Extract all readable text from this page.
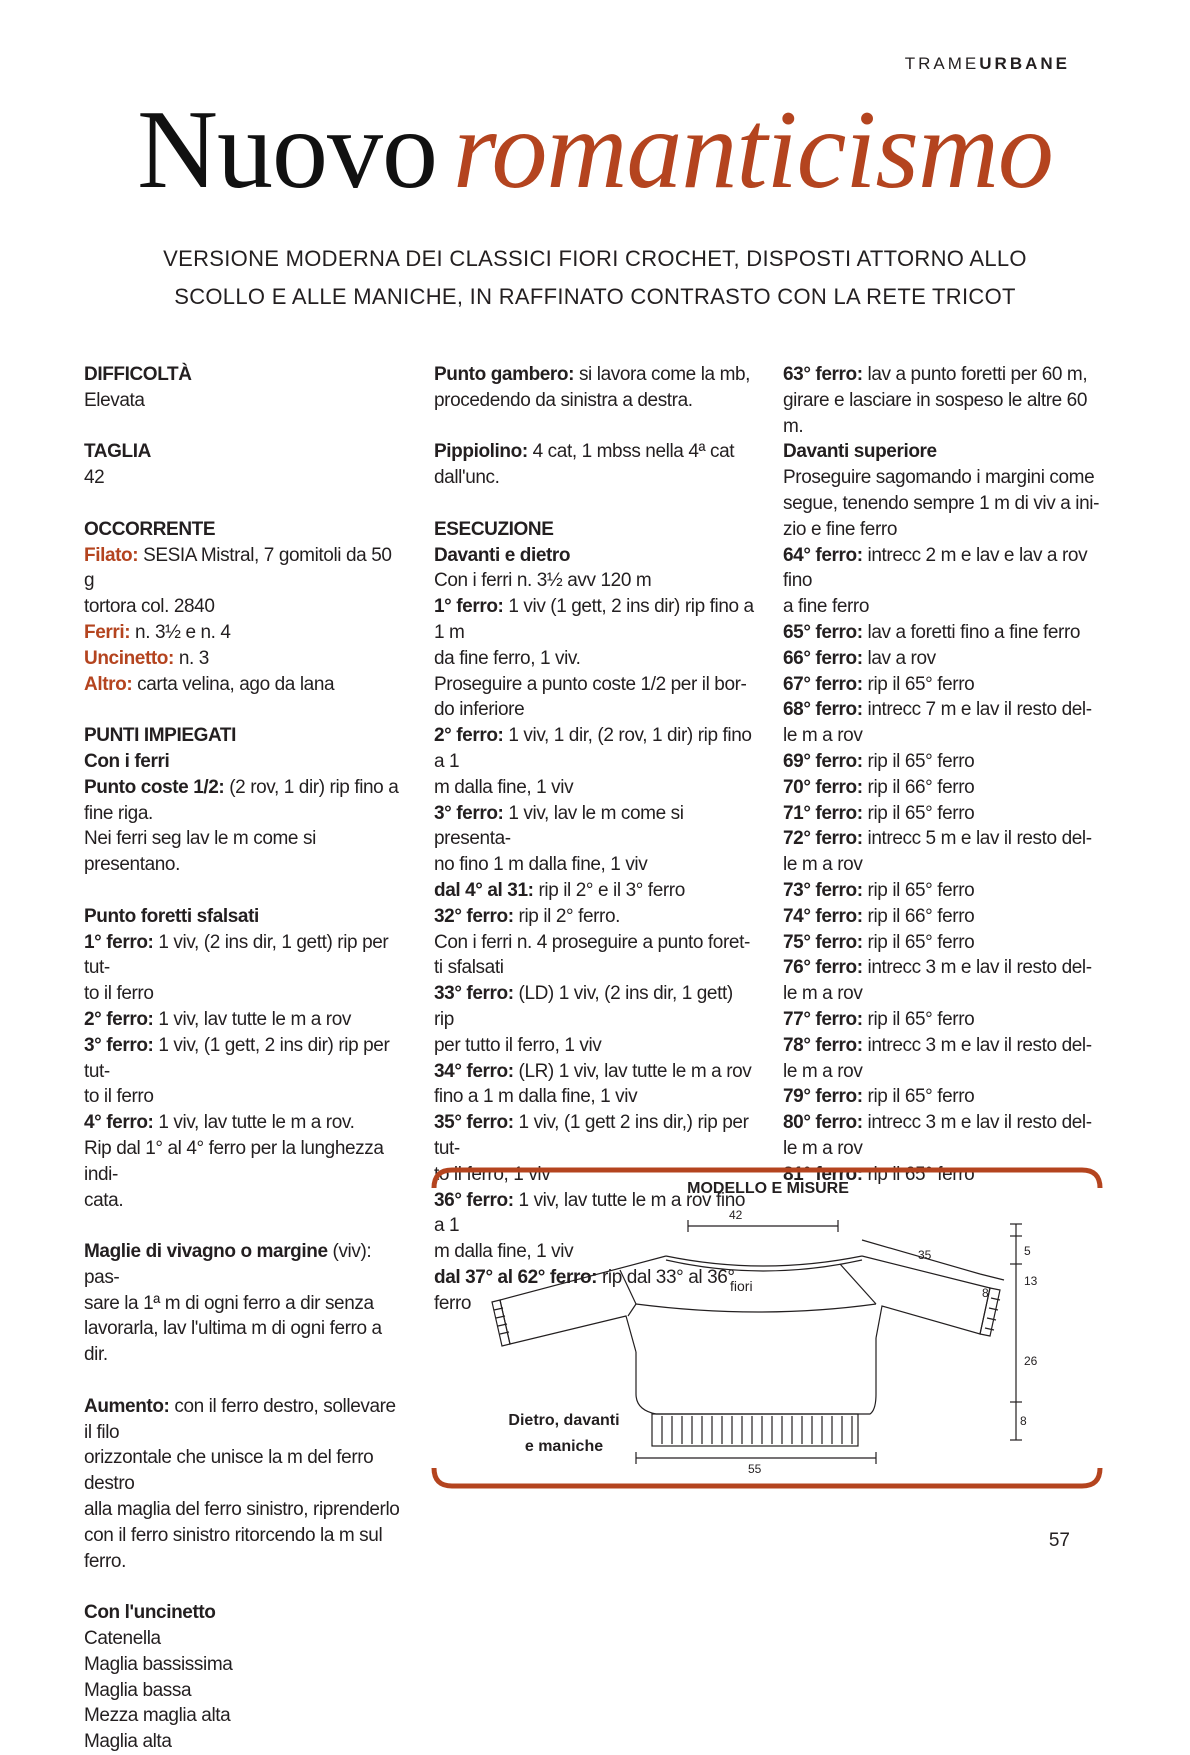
TRAMEURBANE
Nuovo romanticismo
VERSIONE MODERNA DEI CLASSICI FIORI CROCHET, DISPOSTI ATTORNO ALLO
SCOLLO E ALLE MANICHE, IN RAFFINATO CONTRASTO CON LA RETE TRICOT

DIFFICOLTÀ

Elevata

TAGLIA

42

OCCORRENTE

Filato: SESIA Mistral, 7 gomitoli da 50 g

tortora col. 2840

Ferri: n. 3½ e n. 4

Uncinetto: n. 3

Altro: carta velina, ago da lana

PUNTI IMPIEGATI

Con i ferri

Punto coste 1/2: (2 rov, 1 dir) rip fino a

fine riga.

Nei ferri seg lav le m come si presentano.

Punto foretti sfalsati

1° ferro: 1 viv, (2 ins dir, 1 gett) rip per tut-

to il ferro

2° ferro: 1 viv, lav tutte le m a rov

3° ferro: 1 viv, (1 gett, 2 ins dir) rip per tut-

to il ferro

4° ferro: 1 viv, lav tutte le m a rov.

Rip dal 1° al 4° ferro per la lunghezza indi-

cata.

Maglie di vivagno o margine (viv): pas-

sare la 1ª m di ogni ferro a dir senza

lavorarla, lav l'ultima m di ogni ferro a dir.

Aumento: con il ferro destro, sollevare il filo

orizzontale che unisce la m del ferro destro

alla maglia del ferro sinistro, riprenderlo

con il ferro sinistro ritorcendo la m sul ferro.

Con l'uncinetto

Catenella

Maglia bassissima

Maglia bassa

Mezza maglia alta

Maglia alta

Punto gambero: si lavora come la mb,

procedendo da sinistra a destra.

Pippiolino: 4 cat, 1 mbss nella 4ª cat

dall'unc.

ESECUZIONE

Davanti e dietro

Con i ferri n. 3½ avv 120 m

1° ferro: 1 viv (1 gett, 2 ins dir) rip fino a 1 m

da fine ferro, 1 viv.

Proseguire a punto coste 1/2 per il bor-

do inferiore

2° ferro: 1 viv, 1 dir, (2 rov, 1 dir) rip fino a 1

m dalla fine, 1 viv

3° ferro: 1 viv, lav le m come si presenta-

no fino 1 m dalla fine, 1 viv

dal 4° al 31: rip il 2° e il 3° ferro

32° ferro: rip il 2° ferro.

Con i ferri n. 4 proseguire a punto foret-

ti sfalsati

33° ferro: (LD) 1 viv, (2 ins dir, 1 gett) rip

per tutto il ferro, 1 viv

34° ferro: (LR) 1 viv, lav tutte le m a rov

fino a 1 m dalla fine, 1 viv

35° ferro: 1 viv, (1 gett 2 ins dir,) rip per tut-

to il ferro, 1 viv

36° ferro: 1 viv, lav tutte le m a rov fino a 1

m dalla fine, 1 viv

dal 37° al 62° ferro: rip dal 33° al 36° ferro

63° ferro: lav a punto foretti per 60 m,

girare e lasciare in sospeso le altre 60 m.

Davanti superiore

Proseguire sagomando i margini come

segue, tenendo sempre 1 m di viv a ini-

zio e fine ferro

64° ferro: intrecc 2 m e lav e lav a rov fino

a fine ferro

65° ferro: lav a foretti fino a fine ferro

66° ferro: lav a rov

67° ferro: rip il 65° ferro

68° ferro: intrecc 7 m e lav il resto del-

le m a rov

69° ferro: rip il 65° ferro

70° ferro: rip il 66° ferro

71° ferro: rip il 65° ferro

72° ferro: intrecc 5 m e lav il resto del-

le m a rov

73° ferro: rip il 65° ferro

74° ferro: rip il 66° ferro

75° ferro: rip il 65° ferro

76° ferro: intrecc 3 m e lav il resto del-

le m a rov

77° ferro: rip il 65° ferro

78° ferro: intrecc 3 m e lav il resto del-

le m a rov

79° ferro: rip il 65° ferro

80° ferro: intrecc 3 m e lav il resto del-

le m a rov

81° ferro: rip il 65° ferro

MODELLO E MISURE
42
fiori
35
8
5
13
26
8
55
Dietro, davanti
e maniche
57
